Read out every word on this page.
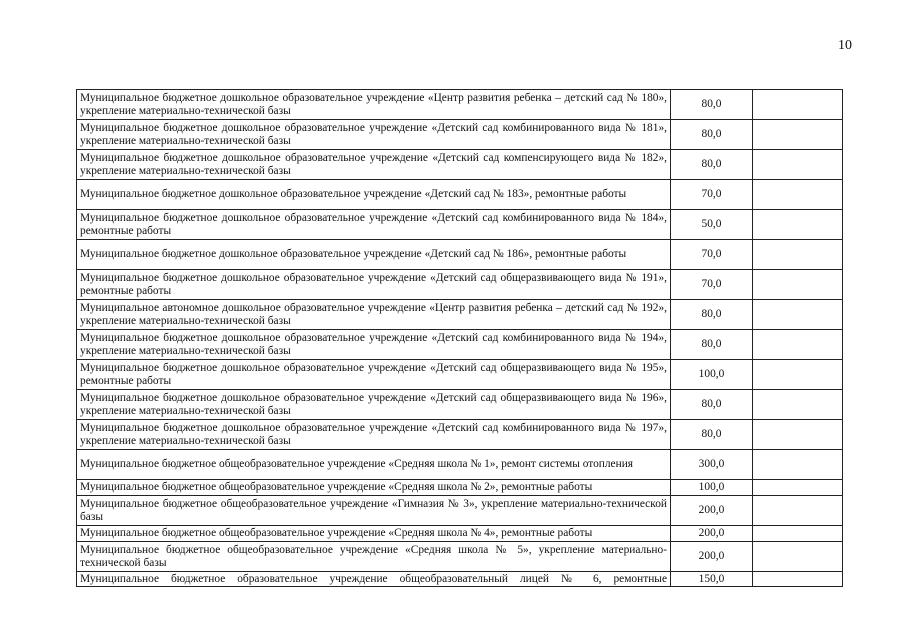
10
Муниципальное бюджетное дошкольное образовательное учреждение «Центр развития ребенка – детский сад № 180», укрепление материально-технической базы	80,0	
Муниципальное бюджетное дошкольное образовательное учреждение «Детский сад комбинированного вида № 181», укрепление материально-технической базы	80,0	
Муниципальное бюджетное дошкольное образовательное учреждение «Детский сад компенсирующего вида № 182», укрепление материально-технической базы	80,0	
Муниципальное бюджетное дошкольное образовательное учреждение «Детский сад № 183», ремонтные работы	70,0	
Муниципальное бюджетное дошкольное образовательное учреждение «Детский сад комбинированного вида № 184», ремонтные работы	50,0	
Муниципальное бюджетное дошкольное образовательное учреждение «Детский сад № 186», ремонтные работы	70,0	
Муниципальное бюджетное дошкольное образовательное учреждение «Детский сад общеразвивающего вида № 191», ремонтные работы	70,0	
Муниципальное автономное дошкольное образовательное учреждение «Центр развития ребенка – детский сад № 192», укрепление материально-технической базы	80,0	
Муниципальное бюджетное дошкольное образовательное учреждение «Детский сад комбинированного вида № 194», укрепление материально-технической базы	80,0	
Муниципальное бюджетное дошкольное образовательное учреждение «Детский сад общеразвивающего вида № 195», ремонтные работы	100,0	
Муниципальное бюджетное дошкольное образовательное учреждение «Детский сад общеразвивающего вида № 196», укрепление материально-технической базы	80,0	
Муниципальное бюджетное дошкольное образовательное учреждение «Детский сад комбинированного вида № 197», укрепление материально-технической базы	80,0	
Муниципальное бюджетное общеобразовательное учреждение «Средняя школа № 1», ремонт системы отопления	300,0	
Муниципальное бюджетное общеобразовательное учреждение «Средняя школа № 2», ремонтные работы	100,0	
Муниципальное бюджетное общеобразовательное учреждение «Гимназия № 3», укрепление материально-технической базы	200,0	
Муниципальное бюджетное общеобразовательное учреждение «Средняя школа № 4», ремонтные работы	200,0	
Муниципальное бюджетное общеобразовательное учреждение «Средняя школа № 5», укрепление материально-технической базы	200,0	
Муниципальное бюджетное образовательное учреждение общеобразовательный лицей № 6, ремонтные	150,0	
